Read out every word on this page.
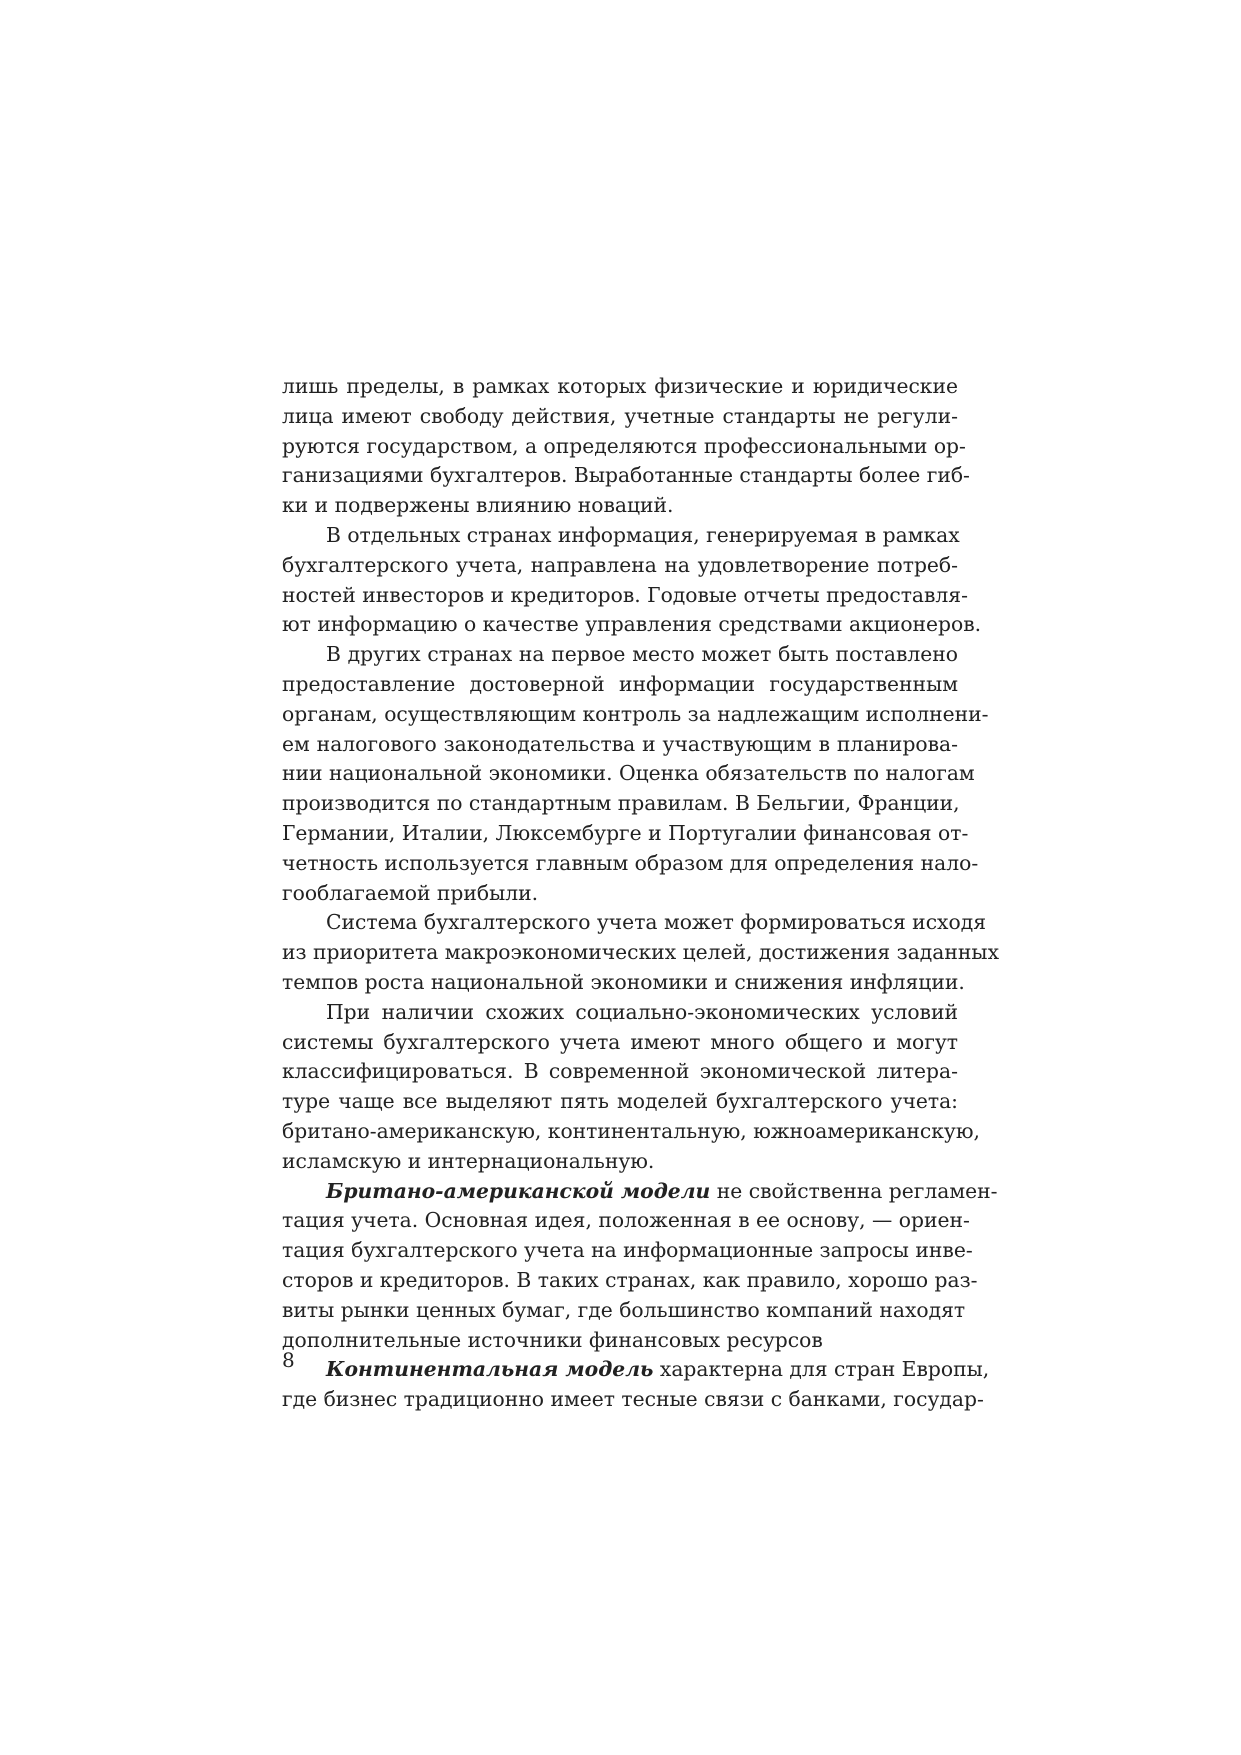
лишь пределы, в рамках которых физические и юридические
лица имеют свободу действия, учетные стандарты не регули-
руются государством, а определяются профессиональными ор-
ганизациями бухгалтеров. Выработанные стандарты более гиб-
ки и подвержены влиянию новаций.
В отдельных странах информация, генерируемая в рамках
бухгалтерского учета, направлена на удовлетворение потреб-
ностей инвесторов и кредиторов. Годовые отчеты предоставля-
ют информацию о качестве управления средствами акционеров.
В других странах на первое место может быть поставлено
предоставление достоверной информации государственным
органам, осуществляющим контроль за надлежащим исполнени-
ем налогового законодательства и участвующим в планирова-
нии национальной экономики. Оценка обязательств по налогам
производится по стандартным правилам. В Бельгии, Франции,
Германии, Италии, Люксембурге и Португалии финансовая от-
четность используется главным образом для определения нало-
гооблагаемой прибыли.
Система бухгалтерского учета может формироваться исходя
из приоритета макроэкономических целей, достижения заданных
темпов роста национальной экономики и снижения инфляции.
При наличии схожих социально-экономических условий
системы бухгалтерского учета имеют много общего и могут
классифицироваться. В современной экономической литера-
туре чаще все выделяют пять моделей бухгалтерского учета:
британо-американскую, континентальную, южноамериканскую,
исламскую и интернациональную.
Британо-американской модели не свойственна регламен-
тация учета. Основная идея, положенная в ее основу, — ориен-
тация бухгалтерского учета на информационные запросы инве-
сторов и кредиторов. В таких странах, как правило, хорошо раз-
виты рынки ценных бумаг, где большинство компаний находят
дополнительные источники финансовых ресурсов
Континентальная модель характерна для стран Европы,
где бизнес традиционно имеет тесные связи с банками, государ-
8
